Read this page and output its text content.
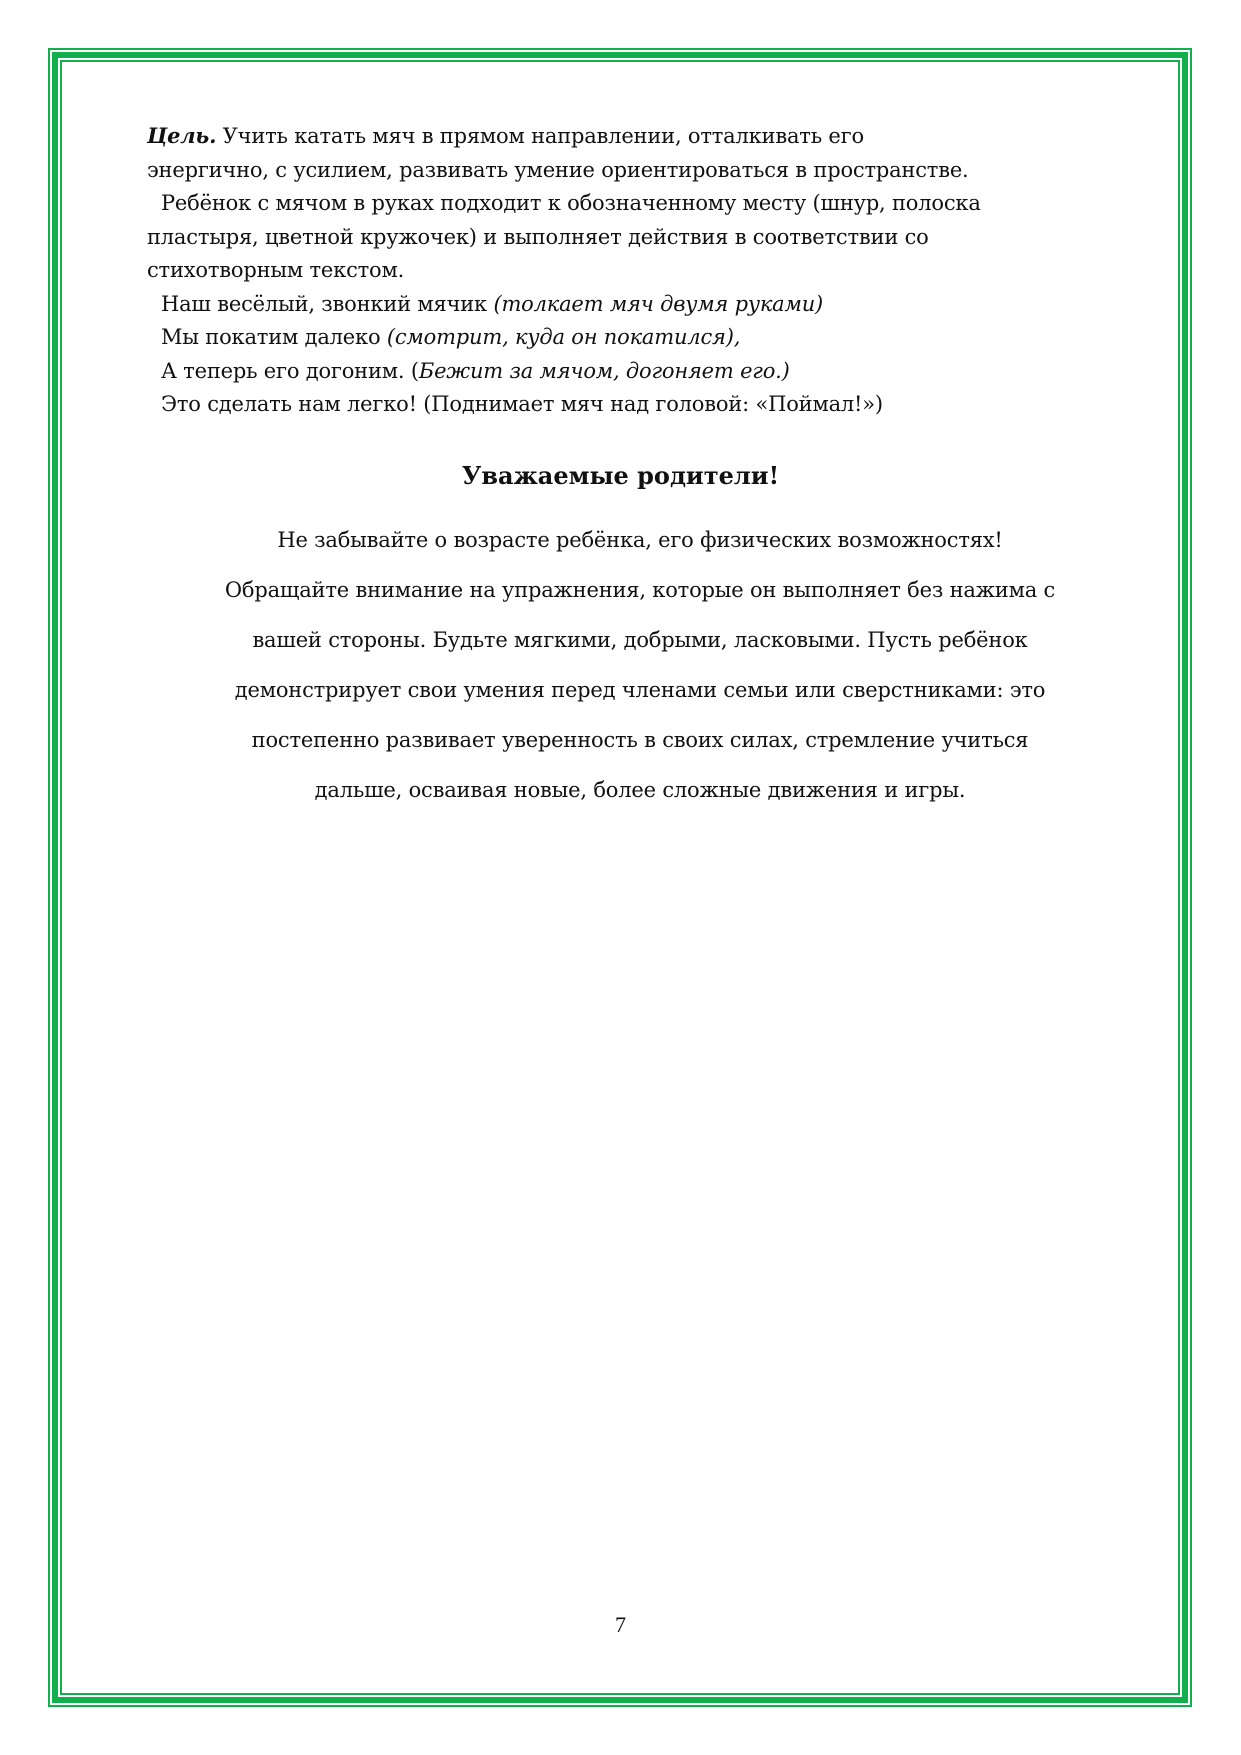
Цель. Учить катать мяч в прямом направлении, отталкивать его
энергично, с усилием, развивать умение ориентироваться в пространстве.
Ребёнок с мячом в руках подходит к обозначенному месту (шнур, полоска
пластыря, цветной кружочек) и выполняет действия в соответствии со
стихотворным текстом.
Наш весёлый, звонкий мячик (толкает мяч двумя руками)
Мы покатим далеко (смотрит, куда он покатился),
А теперь его догоним. (Бежит за мячом, догоняет его.)
Это сделать нам легко! (Поднимает мяч над головой: «Поймал!»)
Уважаемые родители!
Не забывайте о возрасте ребёнка, его физических возможностях!
Обращайте внимание на упражнения, которые он выполняет без нажима с
вашей стороны. Будьте мягкими, добрыми, ласковыми. Пусть ребёнок
демонстрирует свои умения перед членами семьи или сверстниками: это
постепенно развивает уверенность в своих силах, стремление учиться
дальше, осваивая новые, более сложные движения и игры.
7
